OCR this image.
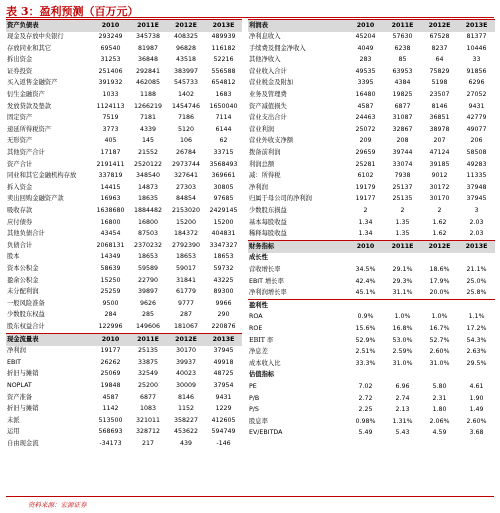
表 3：盈利预测（百万元）
资产负债表	2010	2011E	2012E	2013E
现金及存放中央银行	293249	345738	408325	489939
存放同业和其它	69540	81987	96828	116182
拆出资金	31253	36848	43518	52216
证券投资	251406	292841	383997	556588
买入返售金融资产	391932	462085	545733	654812
衍生金融资产	1033	1188	1402	1683
发放贷款及垫款	1124113	1266219	1454746	1650040
固定资产	7519	7181	7186	7114
递延所得税资产	3773	4339	5120	6144
无形资产	405	145	106	62
其他资产合计	17187	21552	26784	33715
资产合计	2191411	2520122	2973744	3568493
同业和其它金融机构存放	337819	348540	327641	369661
拆入资金	14415	14873	27303	30805
卖出回购金融资产款	16963	18635	84854	97685
吸收存款	1638680	1884482	2153020	2429145
应付债券	16800	16800	15200	15200
其他负债合计	43454	87503	184372	404831
负债合计	2068131	2370232	2792390	3347327
股本	14349	18653	18653	18653
资本公积金	58639	59589	59017	59732
盈余公积金	15250	22790	31841	43225
未分配利润	25259	39897	61779	89300
一般风险准备	9500	9626	9777	9966
少数股东权益	284	285	287	290
股东权益合计	122996	149606	181067	220876
现金流量表	2010	2011E	2012E	2013E
净利润	19177	25135	30170	37945
EBIT	26262	33875	39937	49918
折旧与摊销	25069	32549	40023	48725
NOPLAT	19848	25200	30009	37954
资产准备	4587	6877	8146	9431
折旧与摊销	1142	1083	1152	1229
未派	513500	321011	358227	412605
运用	568693	328712	453622	594749
自由现金流	-34173	217	439	-146
利润表	2010	2011E	2012E	2013E
净利息收入	45204	57630	67528	81377
手续费及佣金净收入	4049	6238	8237	10446
其他净收入	283	85	64	33
营业收入合计	49535	63953	75829	91856
营业税金及附加	3395	4384	5198	6296
业务及管理费	16480	19825	23507	27052
资产减值损失	4587	6877	8146	9431
营业支出合计	24463	31087	36851	42779
营业利润	25072	32867	38978	49077
营业外收支净额	209	208	207	206
拨备前利润	29659	39744	47124	58508
利润总额	25281	33074	39185	49283
减：所得税	6102	7938	9012	11335
净利润	19179	25137	30172	37948
归属于母公司的净利润	19177	25135	30170	37945
少数股东损益	2	2	2	3
基本每股收益	1.34	1.35	1.62	2.03
稀释每股收益	1.34	1.35	1.62	2.03
财务指标	2010	2011E	2012E	2013E
成长性				
营收增长率	34.5%	29.1%	18.6%	21.1%
EBIT 增长率	42.4%	29.3%	17.9%	25.0%
净利润增长率	45.1%	31.1%	20.0%	25.8%
盈利性				
ROA	0.9%	1.0%	1.0%	1.1%
ROE	15.6%	16.8%	16.7%	17.2%
EBIT 率	52.9%	53.0%	52.7%	54.3%
净息差	2.51%	2.59%	2.60%	2.63%
成本收入比	33.3%	31.0%	31.0%	29.5%
估值指标				
PE	7.02	6.96	5.80	4.61
P/B	2.72	2.74	2.31	1.90
P/S	2.25	2.13	1.80	1.49
股息率	0.98%	1.31%	2.06%	2.60%
EV/EBITDA	5.49	5.43	4.59	3.68
资料来源：宏源证券
